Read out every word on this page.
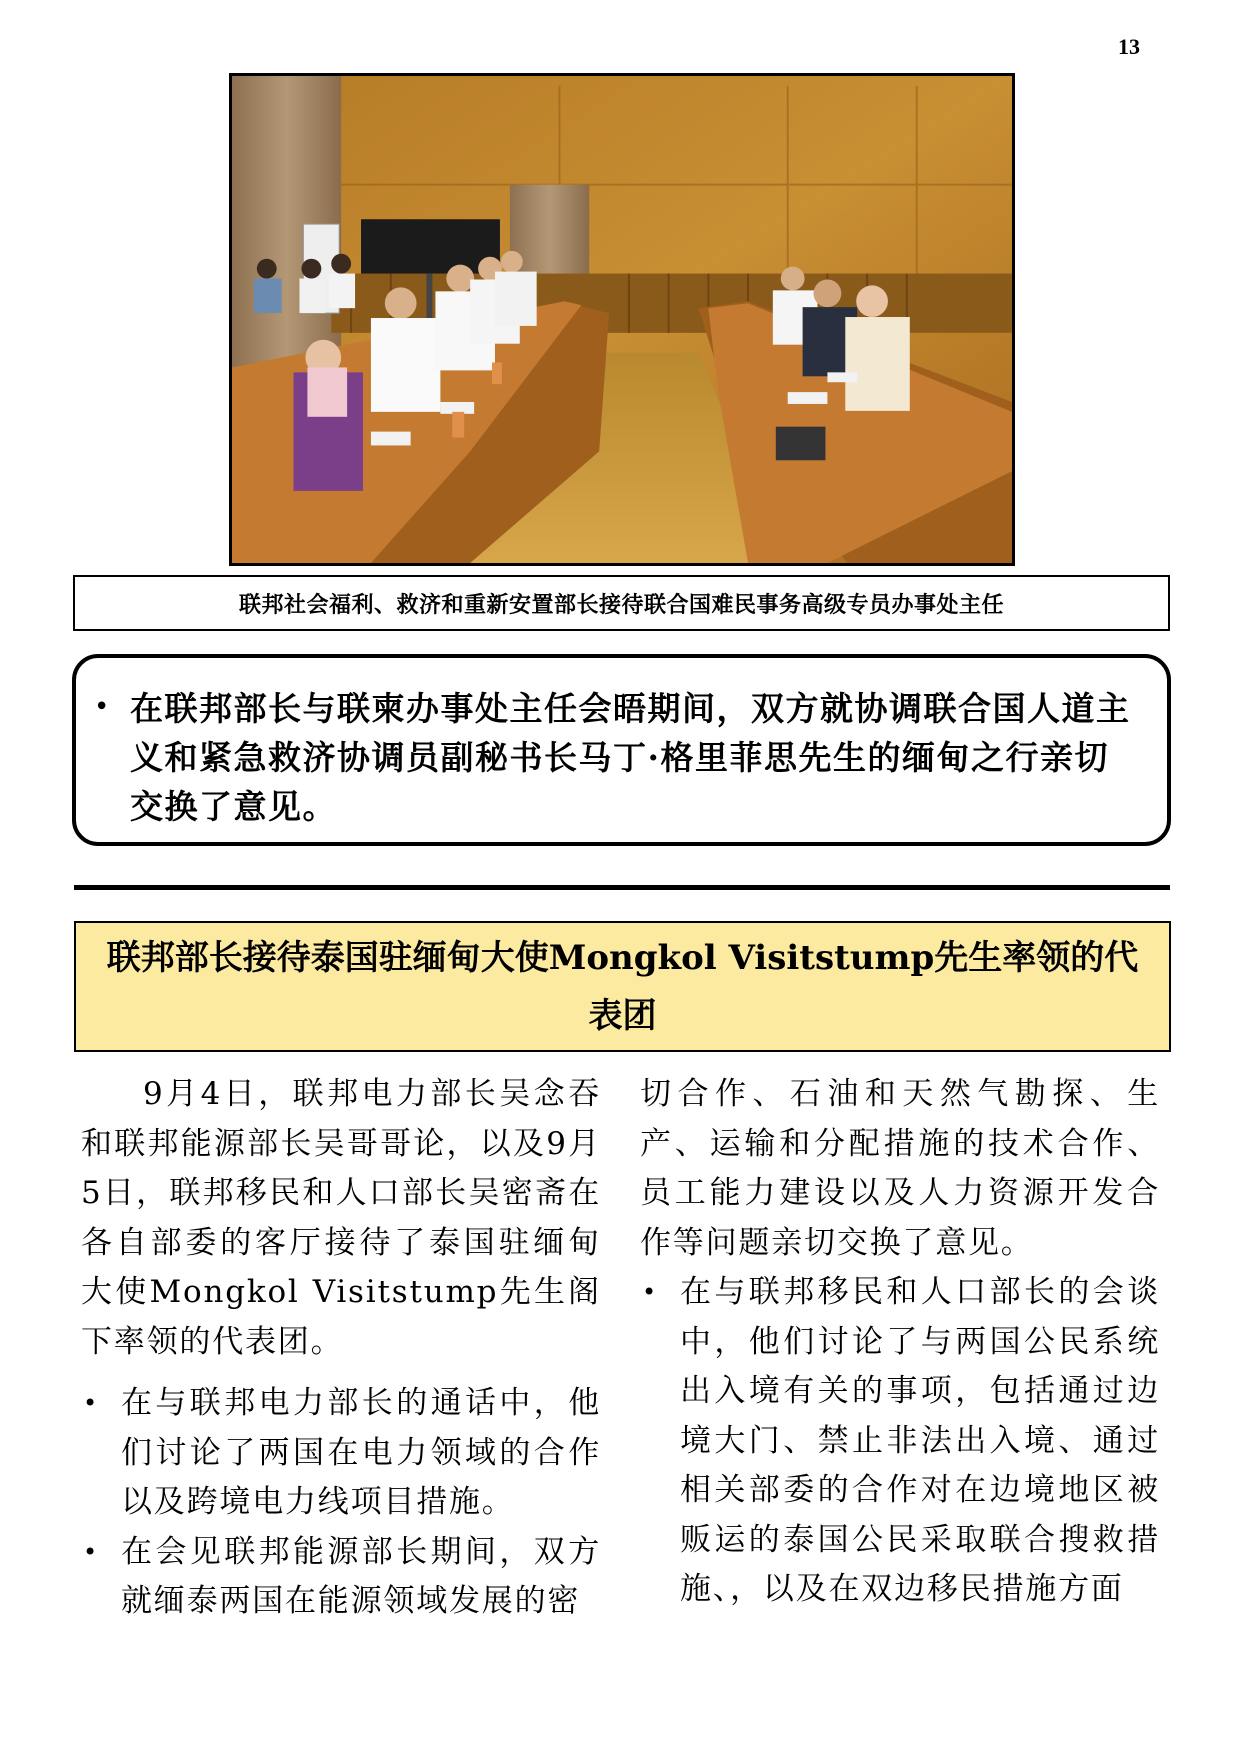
13
联邦社会福利、救济和重新安置部长接待联合国难民事务高级专员办事处主任
• 在联邦部长与联柬办事处主任会晤期间，双方就协调联合国人道主义和紧急救济协调员副秘书长马丁·格里菲思先生的缅甸之行亲切交换了意见。
联邦部长接待泰国驻缅甸大使Mongkol Visitstump先生率领的代表团

9月4日，联邦电力部长吴念吞和联邦能源部长吴哥哥论，以及9月5日，联邦移民和人口部长吴密斋在各自部委的客厅接待了泰国驻缅甸大使Mongkol Visitstump先生阁下率领的代表团。

• 在与联邦电力部长的通话中，他们讨论了两国在电力领域的合作以及跨境电力线项目措施。

• 在会见联邦能源部长期间，双方就缅泰两国在能源领域发展的密

切合作、石油和天然气勘探、生产、运输和分配措施的技术合作、员工能力建设以及人力资源开发合作等问题亲切交换了意见。

• 在与联邦移民和人口部长的会谈中，他们讨论了与两国公民系统出入境有关的事项，包括通过边境大门、禁止非法出入境、通过相关部委的合作对在边境地区被贩运的泰国公民采取联合搜救措施、，以及在双边移民措施方面
